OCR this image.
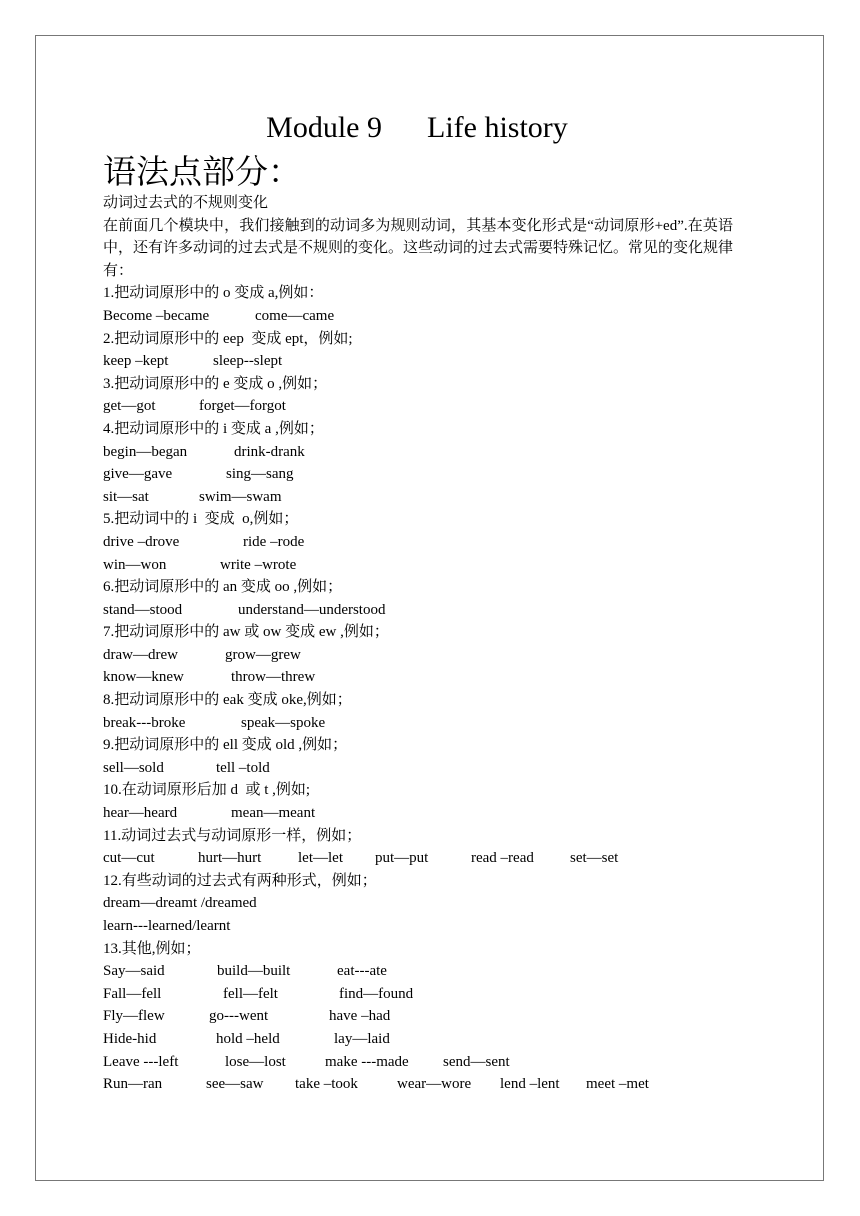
Module 9      Life history
语法点部分：
动词过去式的不规则变化
在前面几个模块中，我们接触到的动词多为规则动词，其基本变化形式是“动词原形+ed”.在英语中，还有许多动词的过去式是不规则的变化。这些动词的过去式需要特殊记忆。常见的变化规律有：
1.把动词原形中的 o 变成 a,例如：
Become –became	come—came
2.把动词原形中的 eep  变成 ept，例如;
keep –kept	sleep--slept
3.把动词原形中的 e 变成 o ,例如；
get—got	forget—forgot
4.把动词原形中的 i 变成 a ,例如；
begin—began	drink-drank
give—gave	sing—sang
sit—sat	swim—swam
5.把动词中的 i  变成  o,例如；
drive –drove	ride –rode
win—won	write –wrote
6.把动词原形中的 an 变成 oo ,例如；
stand—stood	understand—understood
7.把动词原形中的 aw 或 ow 变成 ew ,例如；
draw—drew	grow—grew
know—knew	throw—threw
8.把动词原形中的 eak 变成 oke,例如；
break---broke	speak—spoke
9.把动词原形中的 ell 变成 old ,例如；
sell—sold	tell –told
10.在动词原形后加 d  或 t ,例如;
hear—heard	mean—meant
11.动词过去式与动词原形一样，例如；
cut—cut	hurt—hurt let—let put—put	read –read set—set
12.有些动词的过去式有两种形式，例如；
dream—dreamt /dreamed
learn---learned/learnt
13.其他,例如；
Say—said	build—built	eat---ate
Fall—fell	fell—felt	find—found
Fly—flew	go---went	have –had
Hide-hid	hold –held	lay—laid
Leave ---left	lose—lost	make ---made send—sent
Run—ran	see—saw take –took	wear—wore lend –lent meet –met
